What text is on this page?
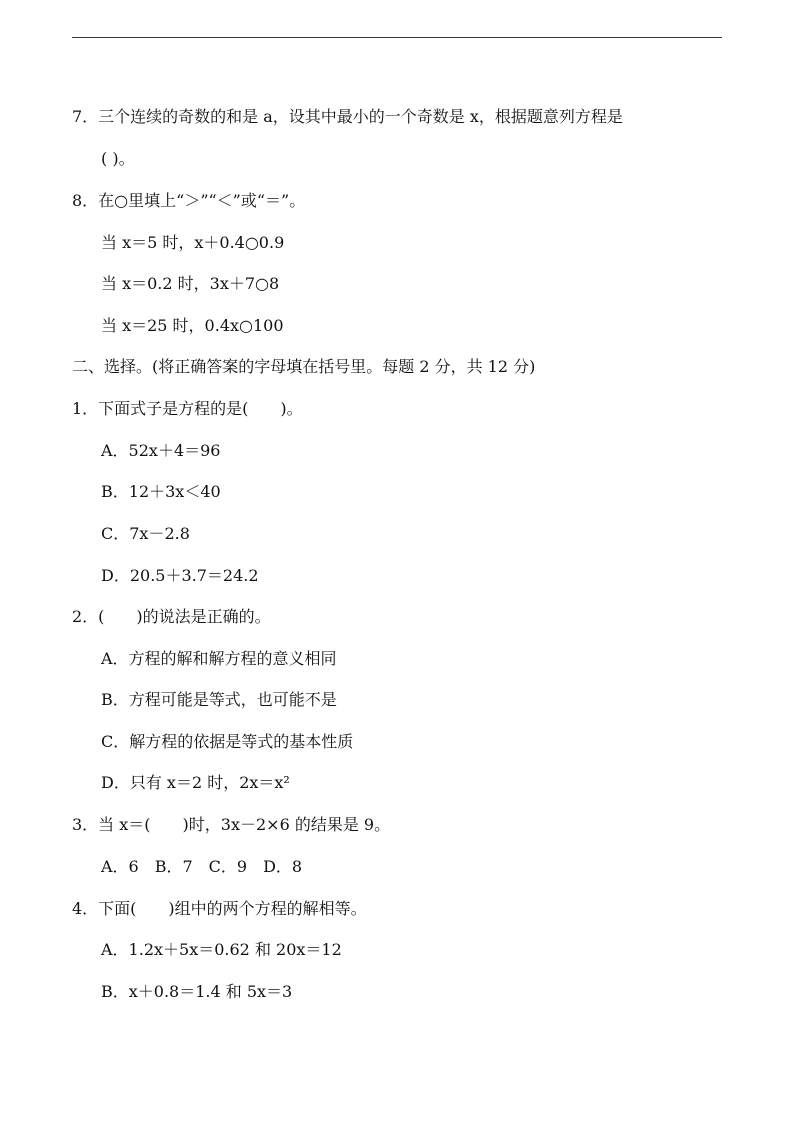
7．三个连续的奇数的和是 a，设其中最小的一个奇数是 x，根据题意列方程是
( )。
8．在○里填上“＞”“＜”或“＝”。
当 x＝5 时，x＋0.4○0.9
当 x＝0.2 时，3x＋7○8
当 x＝25 时，0.4x○100
二、选择。(将正确答案的字母填在括号里。每题 2 分，共 12 分)
1．下面式子是方程的是(　　)。
A．52x＋4＝96
B．12＋3x＜40
C．7x－2.8
D．20.5＋3.7＝24.2
2．(　　)的说法是正确的。
A．方程的解和解方程的意义相同
B．方程可能是等式，也可能不是
C．解方程的依据是等式的基本性质
D．只有 x＝2 时，2x＝x²
3．当 x＝(　　)时，3x－2×6 的结果是 9。
A．6　B．7　C．9　D．8
4．下面(　　)组中的两个方程的解相等。
A．1.2x＋5x＝0.62 和 20x＝12
B．x＋0.8＝1.4 和 5x＝3
